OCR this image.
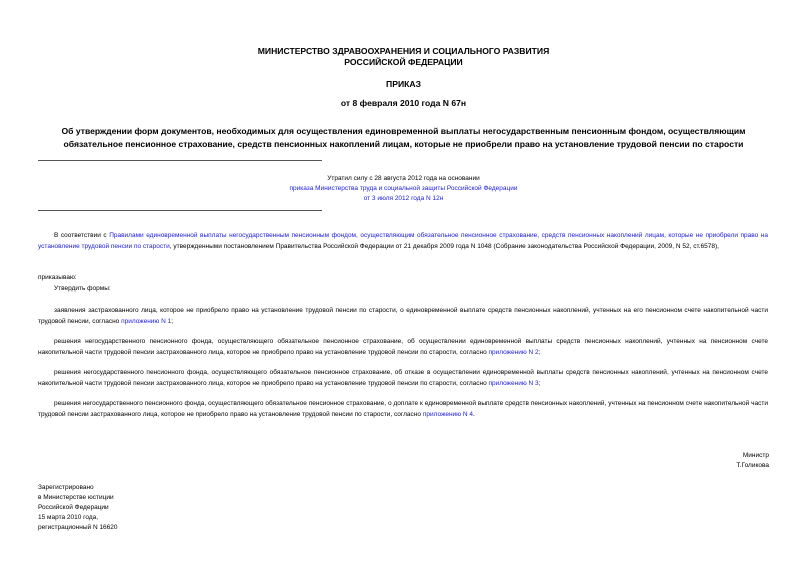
МИНИСТЕРСТВО ЗДРАВООХРАНЕНИЯ И СОЦИАЛЬНОГО РАЗВИТИЯ
РОССИЙСКОЙ ФЕДЕРАЦИИ
ПРИКАЗ
от 8 февраля 2010 года N 67н
Об утверждении форм документов, необходимых для осуществления единовременной выплаты негосударственным пенсионным фондом, осуществляющим
обязательное пенсионное страхование, средств пенсионных накоплений лицам, которые не приобрели право на установление трудовой пенсии по старости
Утратил силу с 28 августа 2012 года на основании
приказа Министерства труда и социальной защиты Российской Федерации
от 3 июля 2012 года N 12н
В соответствии с Правилами единовременной выплаты негосударственным пенсионным фондом, осуществляющим обязательное пенсионное страхование, средств пенсионных накоплений лицам, которые не приобрели право на установление трудовой пенсии по старости, утвержденными постановлением Правительства Российской Федерации от 21 декабря 2009 года N 1048 (Собрание законодательства Российской Федерации, 2009, N 52, ст.6578),
приказываю:
Утвердить формы:
заявления застрахованного лица, которое не приобрело право на установление трудовой пенсии по старости, о единовременной выплате средств пенсионных накоплений, учтенных на его пенсионном счете накопительной части трудовой пенсии, согласно приложению N 1;
решения негосударственного пенсионного фонда, осуществляющего обязательное пенсионное страхование, об осуществлении единовременной выплаты средств пенсионных накоплений, учтенных на пенсионном счете накопительной части трудовой пенсии застрахованного лица, которое не приобрело право на установление трудовой пенсии по старости, согласно приложению N 2;
решения негосударственного пенсионного фонда, осуществляющего обязательное пенсионное страхование, об отказе в осуществлении единовременной выплаты средств пенсионных накоплений, учтенных на пенсионном счете накопительной части трудовой пенсии застрахованного лица, которое не приобрело право на установление трудовой пенсии по старости, согласно приложению N 3;
решения негосударственного пенсионного фонда, осуществляющего обязательное пенсионное страхование, о доплате к единовременной выплате средств пенсионных накоплений, учтенных на пенсионном счете накопительной части трудовой пенсии застрахованного лица, которое не приобрело право на установление трудовой пенсии по старости, согласно приложению N 4.
Министр
Т.Голикова
Зарегистрировано
в Министерстве юстиции
Российской Федерации
15 марта 2010 года,
регистрационный N 16620
